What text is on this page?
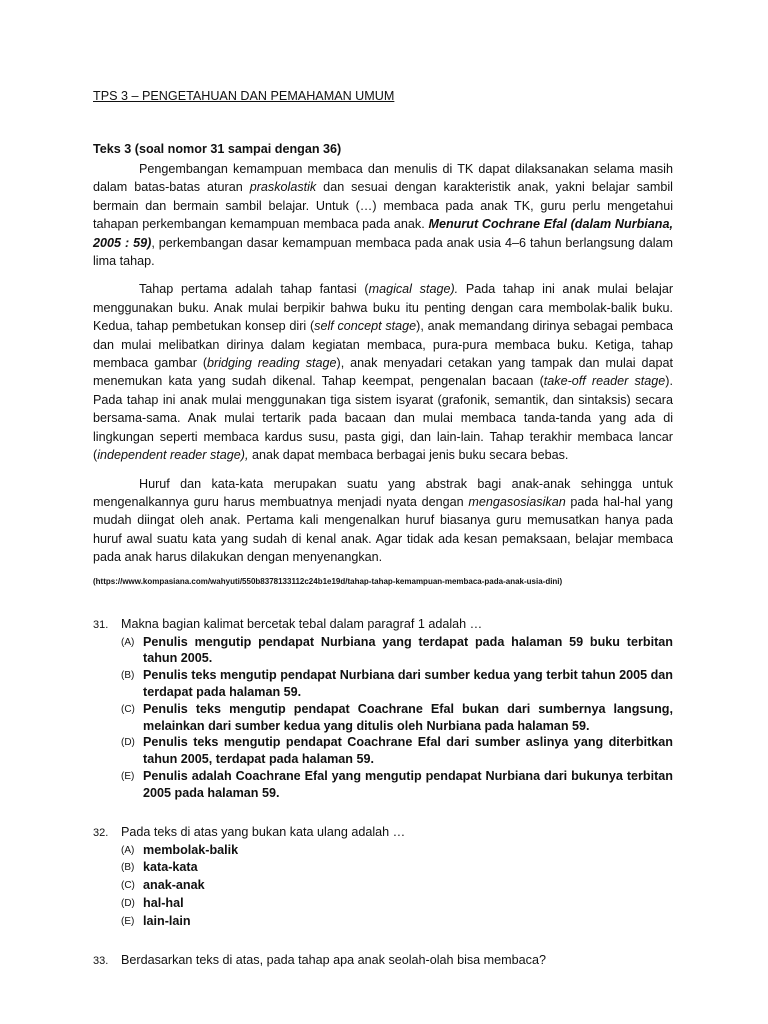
TPS 3 – PENGETAHUAN DAN PEMAHAMAN UMUM

Teks 3 (soal nomor 31 sampai dengan 36)
Pengembangan kemampuan membaca dan menulis di TK dapat dilaksanakan selama masih dalam batas-batas aturan praskolastik dan sesuai dengan karakteristik anak, yakni belajar sambil bermain dan bermain sambil belajar. Untuk (…) membaca pada anak TK, guru perlu mengetahui tahapan perkembangan kemampuan membaca pada anak. Menurut Cochrane Efal (dalam Nurbiana, 2005 : 59), perkembangan dasar kemampuan membaca pada anak usia 4–6 tahun berlangsung dalam lima tahap.
Tahap pertama adalah tahap fantasi (magical stage). Pada tahap ini anak mulai belajar menggunakan buku. Anak mulai berpikir bahwa buku itu penting dengan cara membolak-balik buku. Kedua, tahap pembetukan konsep diri (self concept stage), anak memandang dirinya sebagai pembaca dan mulai melibatkan dirinya dalam kegiatan membaca, pura-pura membaca buku. Ketiga, tahap membaca gambar (bridging reading stage), anak menyadari cetakan yang tampak dan mulai dapat menemukan kata yang sudah dikenal. Tahap keempat, pengenalan bacaan (take-off reader stage). Pada tahap ini anak mulai menggunakan tiga sistem isyarat (grafonik, semantik, dan sintaksis) secara bersama-sama. Anak mulai tertarik pada bacaan dan mulai membaca tanda-tanda yang ada di lingkungan seperti membaca kardus susu, pasta gigi, dan lain-lain. Tahap terakhir membaca lancar (independent reader stage), anak dapat membaca berbagai jenis buku secara bebas.
Huruf dan kata-kata merupakan suatu yang abstrak bagi anak-anak sehingga untuk mengenalkannya guru harus membuatnya menjadi nyata dengan mengasosiasikan pada hal-hal yang mudah diingat oleh anak. Pertama kali mengenalkan huruf biasanya guru memusatkan hanya pada huruf awal suatu kata yang sudah di kenal anak. Agar tidak ada kesan pemaksaan, belajar membaca pada anak harus dilakukan dengan menyenangkan.
(https://www.kompasiana.com/wahyuti/550b8378133112c24b1e19d/tahap-tahap-kemampuan-membaca-pada-anak-usia-dini)
31.	Makna bagian kalimat bercetak tebal dalam paragraf 1 adalah …
(A) Penulis mengutip pendapat Nurbiana yang terdapat pada halaman 59 buku terbitan tahun 2005.
(B) Penulis teks mengutip pendapat Nurbiana dari sumber kedua yang terbit tahun 2005 dan terdapat pada halaman 59.
(C) Penulis teks mengutip pendapat Coachrane Efal bukan dari sumbernya langsung, melainkan dari sumber kedua yang ditulis oleh Nurbiana pada halaman 59.
(D) Penulis teks mengutip pendapat Coachrane Efal dari sumber aslinya yang diterbitkan tahun 2005, terdapat pada halaman 59.
(E) Penulis adalah Coachrane Efal yang mengutip pendapat Nurbiana dari bukunya terbitan 2005 pada halaman 59.
32.	Pada teks di atas yang bukan kata ulang adalah …
(A) membolak-balik
(B) kata-kata
(C) anak-anak
(D) hal-hal
(E) lain-lain
33.	Berdasarkan teks di atas, pada tahap apa anak seolah-olah bisa membaca?
